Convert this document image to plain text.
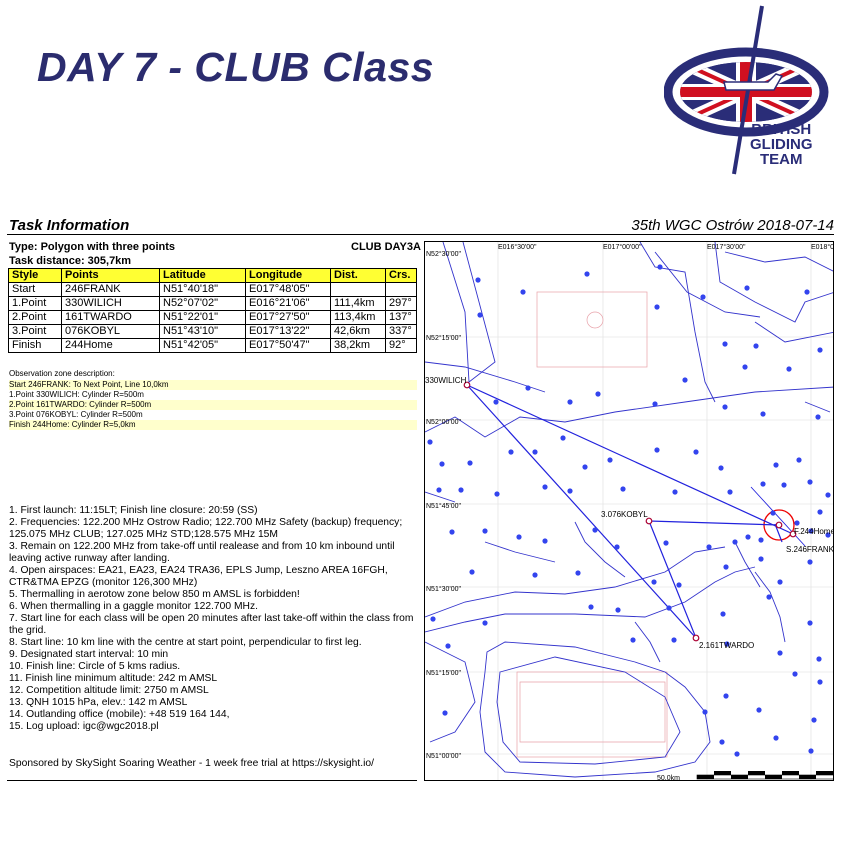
DAY 7 - CLUB Class
BRITISH
GLIDING
TEAM
Task Information	35th WGC Ostrów 2018-07-14
Type: Polygon with three points	CLUB DAY3A
Task distance: 305,7km
Style	Points	Latitude	Longitude	Dist.	Crs.
Start	246FRANK	N51°40'18"	E017°48'05"		
1.Point	330WILICH	N52°07'02"	E016°21'06"	111,4km	297°
2.Point	161TWARDO	N51°22'01"	E017°27'50"	113,4km	137°
3.Point	076KOBYL	N51°43'10"	E017°13'22"	42,6km	337°
Finish	244Home	N51°42'05"	E017°50'47"	38,2km	92°
Observation zone description:
Start 246FRANK: To Next Point, Line 10,0km
1.Point 330WILICH: Cylinder R=500m
2.Point 161TWARDO: Cylinder R=500m
3.Point 076KOBYL: Cylinder R=500m
Finish 244Home: Cylinder R=5,0km
1. First launch: 11:15LT; Finish line closure: 20:59 (SS)
2. Frequencies: 122.200 MHz Ostrow Radio; 122.700 MHz Safety (backup) frequency; 125.075 MHz CLUB; 127.025 MHz STD;128.575 MHz 15M
3. Remain on 122.200 MHz from take-off until realease and from 10 km inbound until leaving active runway after landing.
4. Open airspaces: EA21, EA23, EA24 TRA36, EPLS Jump, Leszno AREA 16FGH, CTR&TMA EPZG (monitor 126,300 MHz)
5. Thermalling in aerotow zone below 850 m AMSL is forbidden!
6. When thermalling in a gaggle monitor 122.700 MHz.
7. Start line for each class will be open 20 minutes after last take-off within the class from the grid.
8. Start line: 10 km line with the centre at start point, perpendicular to first leg.
9. Designated start interval: 10 min
10. Finish line: Circle of 5 kms radius.
11. Finish line minimum altitude: 242 m AMSL
12. Competition altitude limit: 2750 m AMSL
13. QNH 1015 hPa, elev.: 142 m AMSL
14. Outlanding office (mobile): +48 519 164 144,
15. Log upload: igc@wgc2018.pl
Sponsored by SkySight Soaring Weather - 1 week free trial at https://skysight.io/
E016°30'00"	E017°00'00"	E017°30'00"	E018°0
N52°30'00"
N52°15'00"
N52°00'00"
N51°45'00"
N51°30'00"
N51°15'00"
N51°00'00"
330WILICH
3.076KOBYL
2.161TWARDO
F.244Home
S.246FRANK
50.0km
